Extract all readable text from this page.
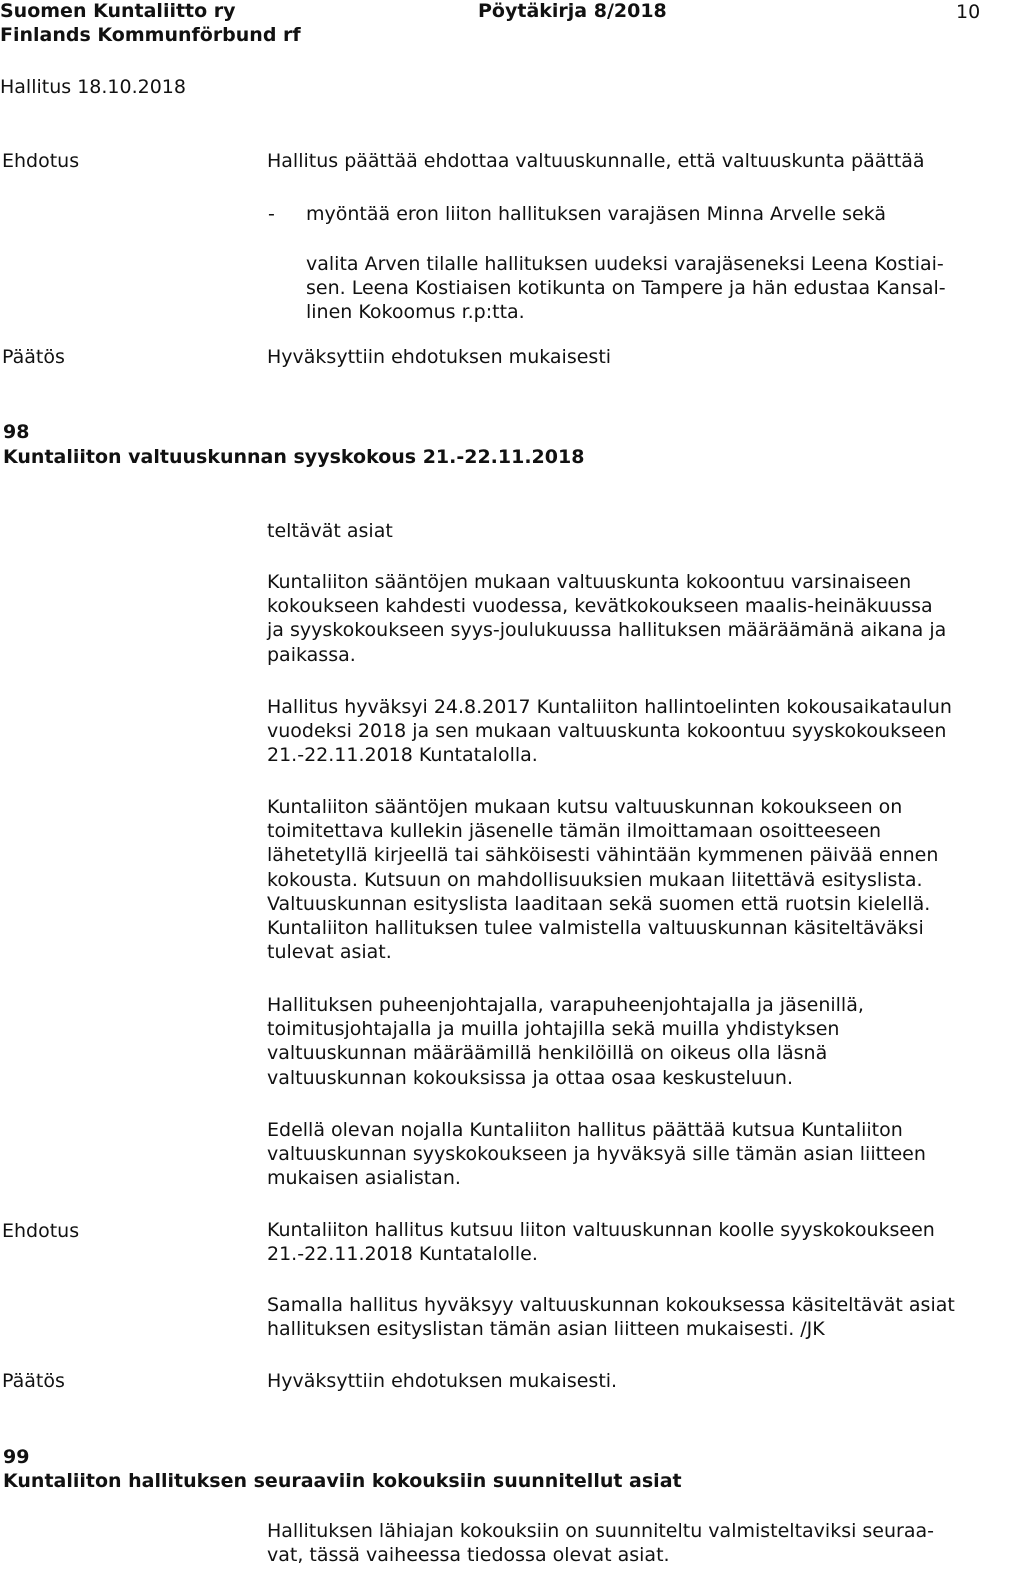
Suomen Kuntaliitto ry
Finlands Kommunförbund rf
Pöytäkirja 8/2018	10
Hallitus 18.10.2018
Ehdotus	Hallitus päättää ehdottaa valtuuskunnalle, että valtuuskunta päättää
- myöntää eron liiton hallituksen varajäsen Minna Arvelle sekä
valita Arven tilalle hallituksen uudeksi varajäseneksi Leena Kostiai-
sen. Leena Kostiaisen kotikunta on Tampere ja hän edustaa Kansal-
linen Kokoomus r.p:tta.
Päätös	Hyväksyttiin ehdotuksen mukaisesti
98
Kuntaliiton valtuuskunnan syyskokous 21.-22.11.2018
teltävät asiat
Kuntaliiton sääntöjen mukaan valtuuskunta kokoontuu varsinaiseen
kokoukseen kahdesti vuodessa, kevätkokoukseen maalis-heinäkuussa
ja syyskokoukseen syys-joulukuussa hallituksen määräämänä aikana ja
paikassa.
Hallitus hyväksyi 24.8.2017 Kuntaliiton hallintoelinten kokousaikataulun
vuodeksi 2018 ja sen mukaan valtuuskunta kokoontuu syyskokoukseen
21.-22.11.2018 Kuntatalolla.
Kuntaliiton sääntöjen mukaan kutsu valtuuskunnan kokoukseen on
toimitettava kullekin jäsenelle tämän ilmoittamaan osoitteeseen
lähetetyllä kirjeellä tai sähköisesti vähintään kymmenen päivää ennen
kokousta. Kutsuun on mahdollisuuksien mukaan liitettävä esityslista.
Valtuuskunnan esityslista laaditaan sekä suomen että ruotsin kielellä.
Kuntaliiton hallituksen tulee valmistella valtuuskunnan käsiteltäväksi
tulevat asiat.
Hallituksen puheenjohtajalla, varapuheenjohtajalla ja jäsenillä,
toimitusjohtajalla ja muilla johtajilla sekä muilla yhdistyksen
valtuuskunnan määräämillä henkilöillä on oikeus olla läsnä
valtuuskunnan kokouksissa ja ottaa osaa keskusteluun.
Edellä olevan nojalla Kuntaliiton hallitus päättää kutsua Kuntaliiton
valtuuskunnan syyskokoukseen ja hyväksyä sille tämän asian liitteen
mukaisen asialistan.
Ehdotus	Kuntaliiton hallitus kutsuu liiton valtuuskunnan koolle syyskokoukseen
21.-22.11.2018 Kuntatalolle.
Samalla hallitus hyväksyy valtuuskunnan kokouksessa käsiteltävät asiat
hallituksen esityslistan tämän asian liitteen mukaisesti. /JK
Päätös	Hyväksyttiin ehdotuksen mukaisesti.
99
Kuntaliiton hallituksen seuraaviin kokouksiin suunnitellut asiat
Hallituksen lähiajan kokouksiin on suunniteltu valmisteltaviksi seuraa-
vat, tässä vaiheessa tiedossa olevat asiat.
